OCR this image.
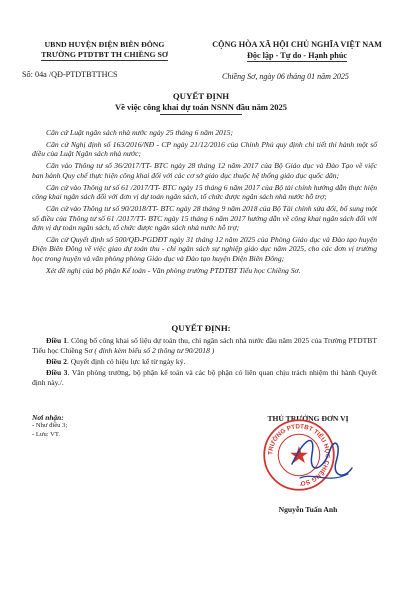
UBND HUYỆN ĐIỆN BIÊN ĐÔNG
TRƯỜNG PTDTBT TH CHIỀNG SƠ
CỘNG HÒA XÃ HỘI CHỦ NGHĨA VIỆT NAM
Độc lập - Tự do - Hạnh phúc
Số: 04a /QĐ-PTDTBTTHCS	Chiềng Sơ, ngày 06 tháng 01 năm 2025
QUYẾT ĐỊNH
Về việc công khai dự toán NSNN đầu năm 2025

Căn cứ Luật ngân sách nhà nước ngày 25 tháng 6 năm 2015;

Căn cứ Nghị định số 163/2016/NĐ - CP ngày 21/12/2016 của Chính Phủ quy định chi tiết thi hành một số điều của Luật Ngân sách nhà nước;

Căn vào Thông tư số 36/2017/TT- BTC ngày 28 tháng 12 năm 2017 của Bộ Giáo dục và Đào Tạo về việc ban hành Quy chế thực hiện công khai đối với các cơ sở giáo dục thuộc hệ thống giáo dục quốc dân;

Căn cứ vào Thông tư số 61 /2017/TT- BTC ngày 15 tháng 6 năm 2017 của Bộ tài chính hướng dẫn thực hiện công khai ngân sách đối với đơn vị dự toán ngân sách, tổ chức được ngân sách nhà nước hỗ trợ;

Căn cứ vào Thông tư số 90/2018/TT- BTC ngày 28 tháng 9 năm 2018 của Bộ Tài chính sửa đổi, bổ sung một số điều của Thông tư số 61 /2017/TT- BTC ngày 15 tháng 6 năm 2017 hướng dẫn về công khai ngân sách đối với đơn vị dự toán ngân sách, tổ chức được ngân sách nhà nước hỗ trợ;

Căn cứ Quyết định số 500/QĐ-PGDĐT ngày 31 tháng 12 năm 2025 của Phòng Giáo dục và Đào tạo huyện Điện Biên Đông về việc giao dự toán thu - chi ngân sách sự nghiệp giáo dục năm 2025, cho các đơn vị trường học trong huyện và văn phòng phòng Giáo dục và Đào tạo huyện Điện Biên Đông;

Xét đề nghị của bộ phận Kế toán - Văn phòng trường PTDTBT Tiểu học Chiềng Sơ.

QUYẾT ĐỊNH:

Điều 1. Công bố công khai số liệu dự toán thu, chi ngân sách nhà nước đầu năm 2025 của Trường PTDTBT Tiểu học Chiềng Sơ ( đính kèm biểu số 2 thông tư 90/2018 )

Điều 2. Quyết định có hiệu lực kể từ ngày ký.

Điều 3. Văn phòng trường, bộ phận kế toán và các bộ phận có liên quan chịu trách nhiệm thi hành Quyết định này./.

Nơi nhận:
- Như điều 3;
- Lưu: VT.
THỦ TRƯỞNG ĐƠN VỊ
TRƯỜNG PTDTBT TIỂU HỌC CHIỀNG SƠ
Nguyễn Tuấn Anh
